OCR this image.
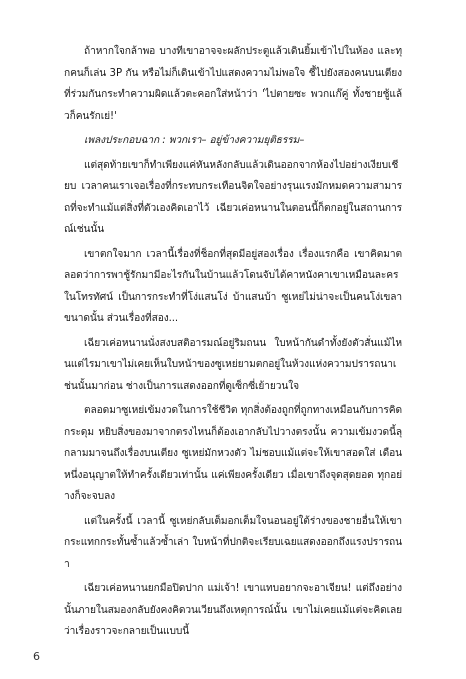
ถ้าหากใจกล้าพอ บางทีเขาอาจจะผลักประตูแล้วเดินยิ้มเข้าไปในห้อง และทุกคนก็เล่น 3P กัน หรือไม่ก็เดินเข้าไปแสดงความไม่พอใจ ชี้ไปยังสองคนบนเตียงที่ร่วมกันกระทำความผิดแล้วตะคอกใส่หน้าว่า 'ไปตายซะ พวกแก๊คู่ ทั้งชายชู้แล้วก็คนรักเย่!'

เพลงประกอบฉาก : พวกเรา– อยู่ข้างความยุติธรรม–

แต่สุดท้ายเขาก็ทำเพียงแค่หันหลังกลับแล้วเดินออกจากห้องไปอย่างเงียบเชียบ เวลาคนเราเจอเรื่องที่กระทบกระเทือนจิตใจอย่างรุนแรงมักหมดความสามารถที่จะทำแม้แต่สิ่งที่ตัวเองคิดเอาไว้ เฉียวเค่อหนานในตอนนี้ก็ตกอยู่ในสถานการณ์เช่นนั้น

เขาตกใจมาก เวลานี้เรื่องที่ช็อกที่สุดมีอยู่สองเรื่อง เรื่องแรกคือ เขาคิดมาตลอดว่าการพาชู้รักมามีอะไรกันในบ้านแล้วโดนจับได้คาหนังคาเขาเหมือนละครในโทรทัศน์ เป็นการกระทำที่โง่แสนโง่ บ้าแสนบ้า ซูเหย่ไม่น่าจะเป็นคนโง่เขลาขนาดนั้น ส่วนเรื่องที่สอง...

เฉียวเค่อหนานนั่งสงบสติอารมณ์อยู่ริมถนน ใบหน้ากันดำทั้งยังตัวสั่นแม้ไหนแต่ไรมาเขาไม่เคยเห็นใบหน้าของซูเหย่ยามตกอยู่ในห้วงแห่งความปรารถนาเช่นนั้นมาก่อน ช่างเป็นการแสดงออกที่ดูเซ็กซี่เย้ายวนใจ

ตลอดมาซูเหย่เข้มงวดในการใช้ชีวิต ทุกสิ่งต้องถูกที่ถูกทางเหมือนกับการคิดกระดุม หยิบสิ่งของมาจากตรงไหนก็ต้องเอากลับไปวางตรงนั้น ความเข้มงวดนี้ลุกลามมาจนถึงเรื่องบนเตียง ซูเหย่มักหวงตัว ไม่ชอบแม้แต่จะให้เขาสอดใส่ เดือนหนึ่งอนุญาตให้ทำครั้งเดียวเท่านั้น แค่เพียงครั้งเดียว เมื่อเขาถึงจุดสุดยอด ทุกอย่างก็จะจบลง

แต่ในครั้งนี้ เวลานี้ ซูเหย่กลับเต็มอกเต็มใจนอนอยู่ใต้ร่างของชายอื่นให้เขากระแทกกระทั้นซ้ำแล้วซ้ำเล่า ใบหน้าที่ปกติจะเรียบเฉยแสดงออกถึงแรงปรารถนา

เฉียวเค่อหนานยกมือปิดปาก แม่เจ้า! เขาแทบอยากจะอาเจียน! แต่ถึงอย่างนั้นภายในสมองกลับยังคงคิดวนเวียนถึงเหตุการณ์นั้น เขาไม่เคยแม้แต่จะคิดเลยว่าเรื่องราวจะกลายเป็นแบบนี้

6
